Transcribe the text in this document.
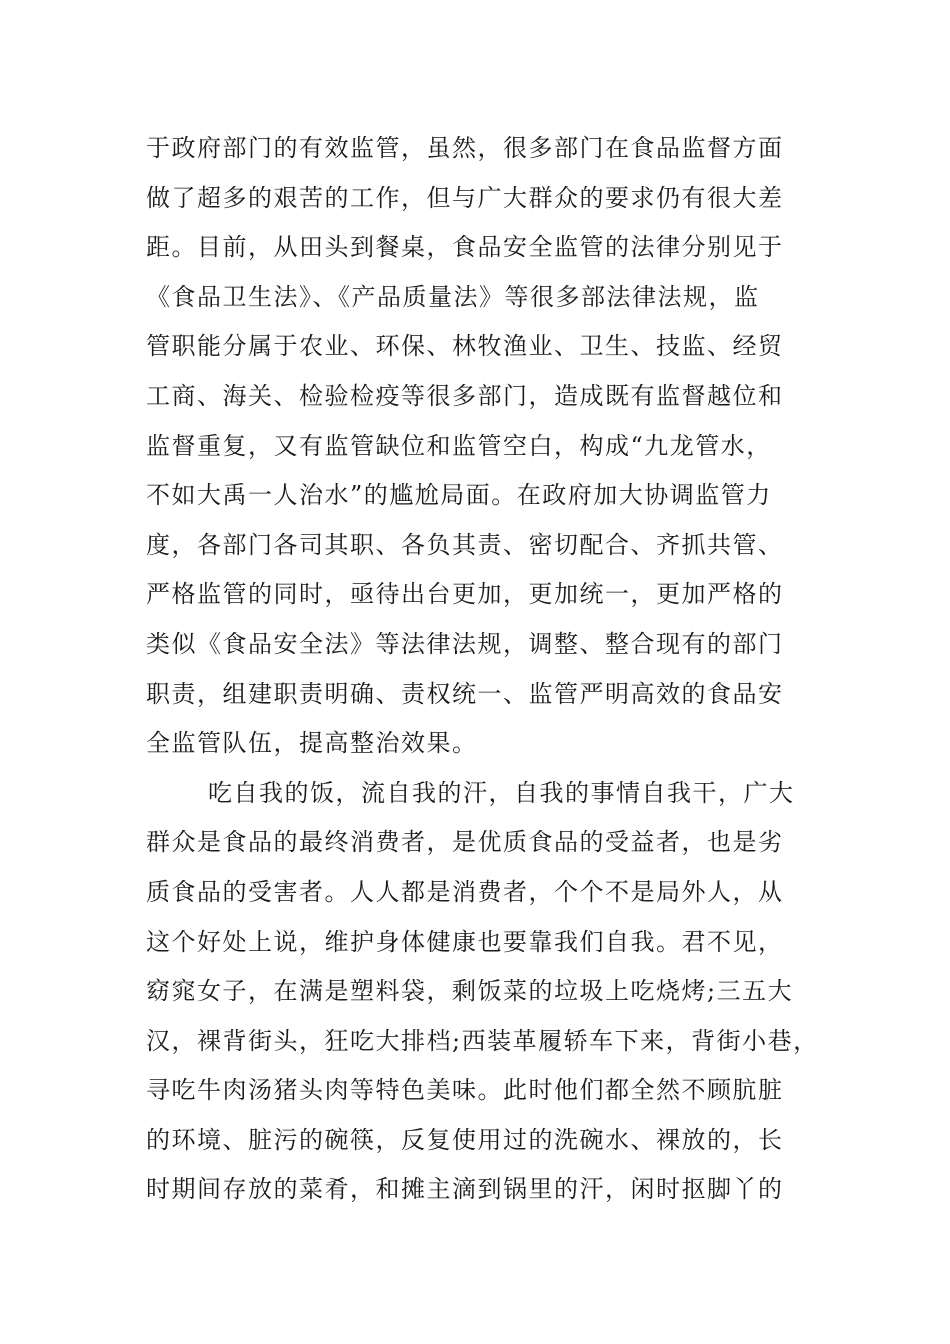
于政府部门的有效监管，虽然，很多部门在食品监督方面
做了超多的艰苦的工作，但与广大群众的要求仍有很大差
距。目前，从田头到餐桌，食品安全监管的法律分别见于
《食品卫生法》、《产品质量法》等很多部法律法规，监
管职能分属于农业、环保、林牧渔业、卫生、技监、经贸
工商、海关、检验检疫等很多部门，造成既有监督越位和
监督重复，又有监管缺位和监管空白，构成“九龙管水，
不如大禹一人治水”的尴尬局面。在政府加大协调监管力
度，各部门各司其职、各负其责、密切配合、齐抓共管、
严格监管的同时，亟待出台更加，更加统一，更加严格的
类似《食品安全法》等法律法规，调整、整合现有的部门
职责，组建职责明确、责权统一、监管严明高效的食品安
全监管队伍，提高整治效果。
吃自我的饭，流自我的汗，自我的事情自我干，广大
群众是食品的最终消费者，是优质食品的受益者，也是劣
质食品的受害者。人人都是消费者，个个不是局外人，从
这个好处上说，维护身体健康也要靠我们自我。君不见，
窈窕女子，在满是塑料袋，剩饭菜的垃圾上吃烧烤;三五大
汉，裸背街头，狂吃大排档;西装革履轿车下来，背街小巷，
寻吃牛肉汤猪头肉等特色美味。此时他们都全然不顾肮脏
的环境、脏污的碗筷，反复使用过的洗碗水、裸放的，长
时期间存放的菜肴，和摊主滴到锅里的汗，闲时抠脚丫的
